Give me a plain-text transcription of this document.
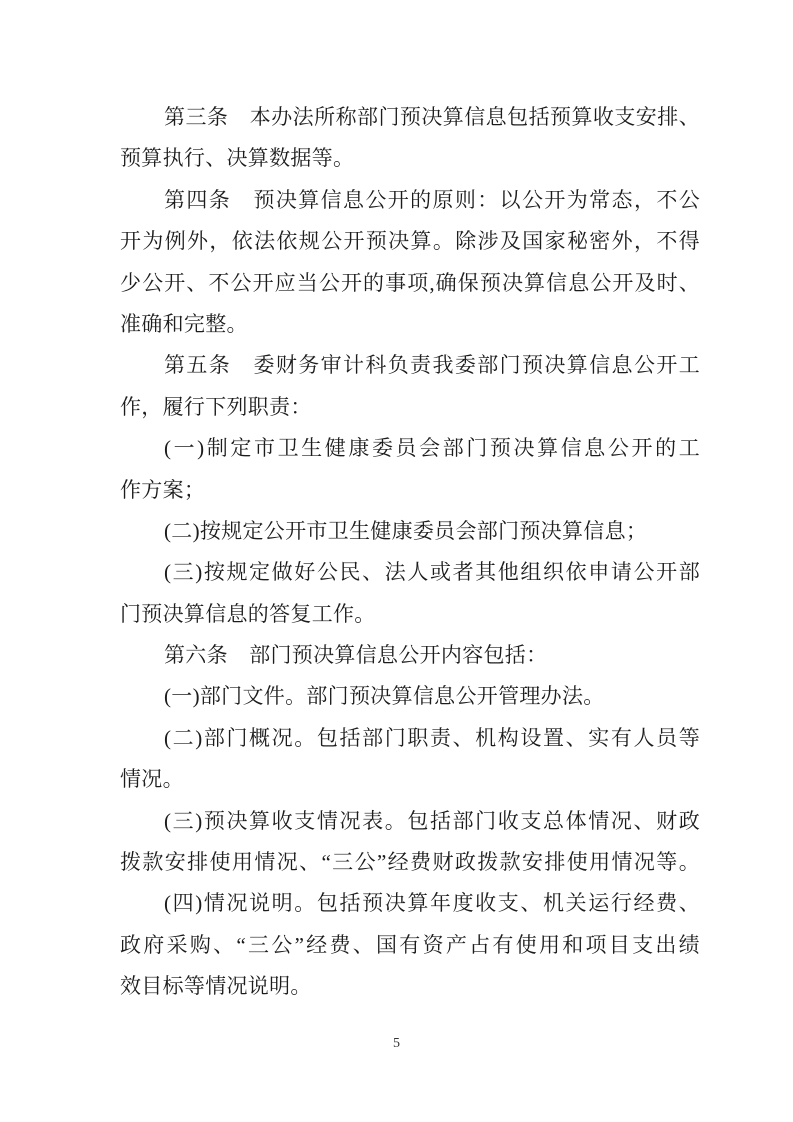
第三条　本办法所称部门预决算信息包括预算收支安排、
预算执行、决算数据等。
第四条　预决算信息公开的原则：以公开为常态，不公
开为例外，依法依规公开预决算。除涉及国家秘密外，不得
少公开、不公开应当公开的事项,确保预决算信息公开及时、
准确和完整。
第五条　委财务审计科负责我委部门预决算信息公开工
作，履行下列职责：
(一)制定市卫生健康委员会部门预决算信息公开的工
作方案；
(二)按规定公开市卫生健康委员会部门预决算信息；
(三)按规定做好公民、法人或者其他组织依申请公开部
门预决算信息的答复工作。
第六条　部门预决算信息公开内容包括：
(一)部门文件。部门预决算信息公开管理办法。
(二)部门概况。包括部门职责、机构设置、实有人员等
情况。
(三)预决算收支情况表。包括部门收支总体情况、财政
拨款安排使用情况、“三公”经费财政拨款安排使用情况等。
(四)情况说明。包括预决算年度收支、机关运行经费、
政府采购、“三公”经费、国有资产占有使用和项目支出绩
效目标等情况说明。
5
